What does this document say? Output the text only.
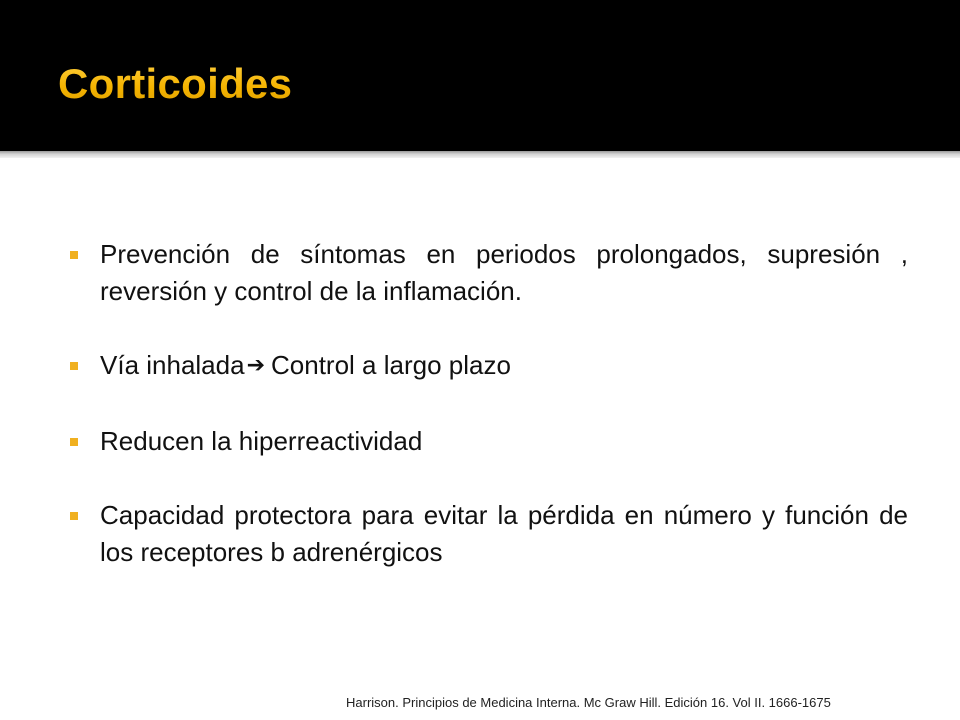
Corticoides
Prevención de síntomas en periodos prolongados, supresión , reversión y control de la inflamación.
Vía inhalada➔ Control a largo plazo
Reducen la hiperreactividad
Capacidad protectora para evitar la pérdida en número y función de los receptores b adrenérgicos
Harrison. Principios de Medicina Interna. Mc Graw Hill. Edición 16. Vol II. 1666-1675
